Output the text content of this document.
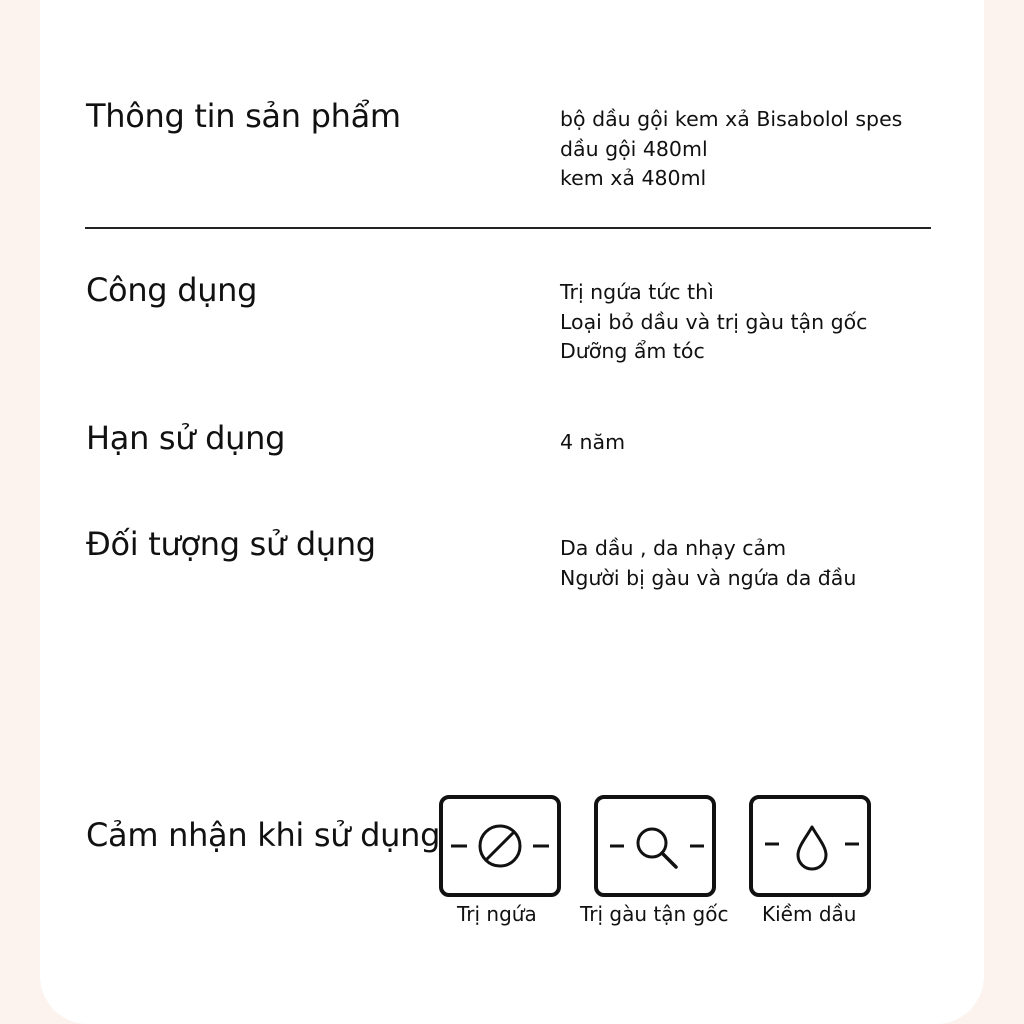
Thông tin sản phẩm	bộ dầu gội kem xả Bisabolol spes
dầu gội 480ml
kem xả 480ml
Công dụng	Trị ngứa tức thì
Loại bỏ dầu và trị gàu tận gốc
Dưỡng ẩm tóc
Hạn sử dụng	4 năm
Đối tượng sử dụng	Da dầu , da nhạy cảm
Người bị gàu và ngứa da đầu
Cảm nhận khi sử dụng
Trị ngứa Trị gàu tận gốc Kiềm dầu
